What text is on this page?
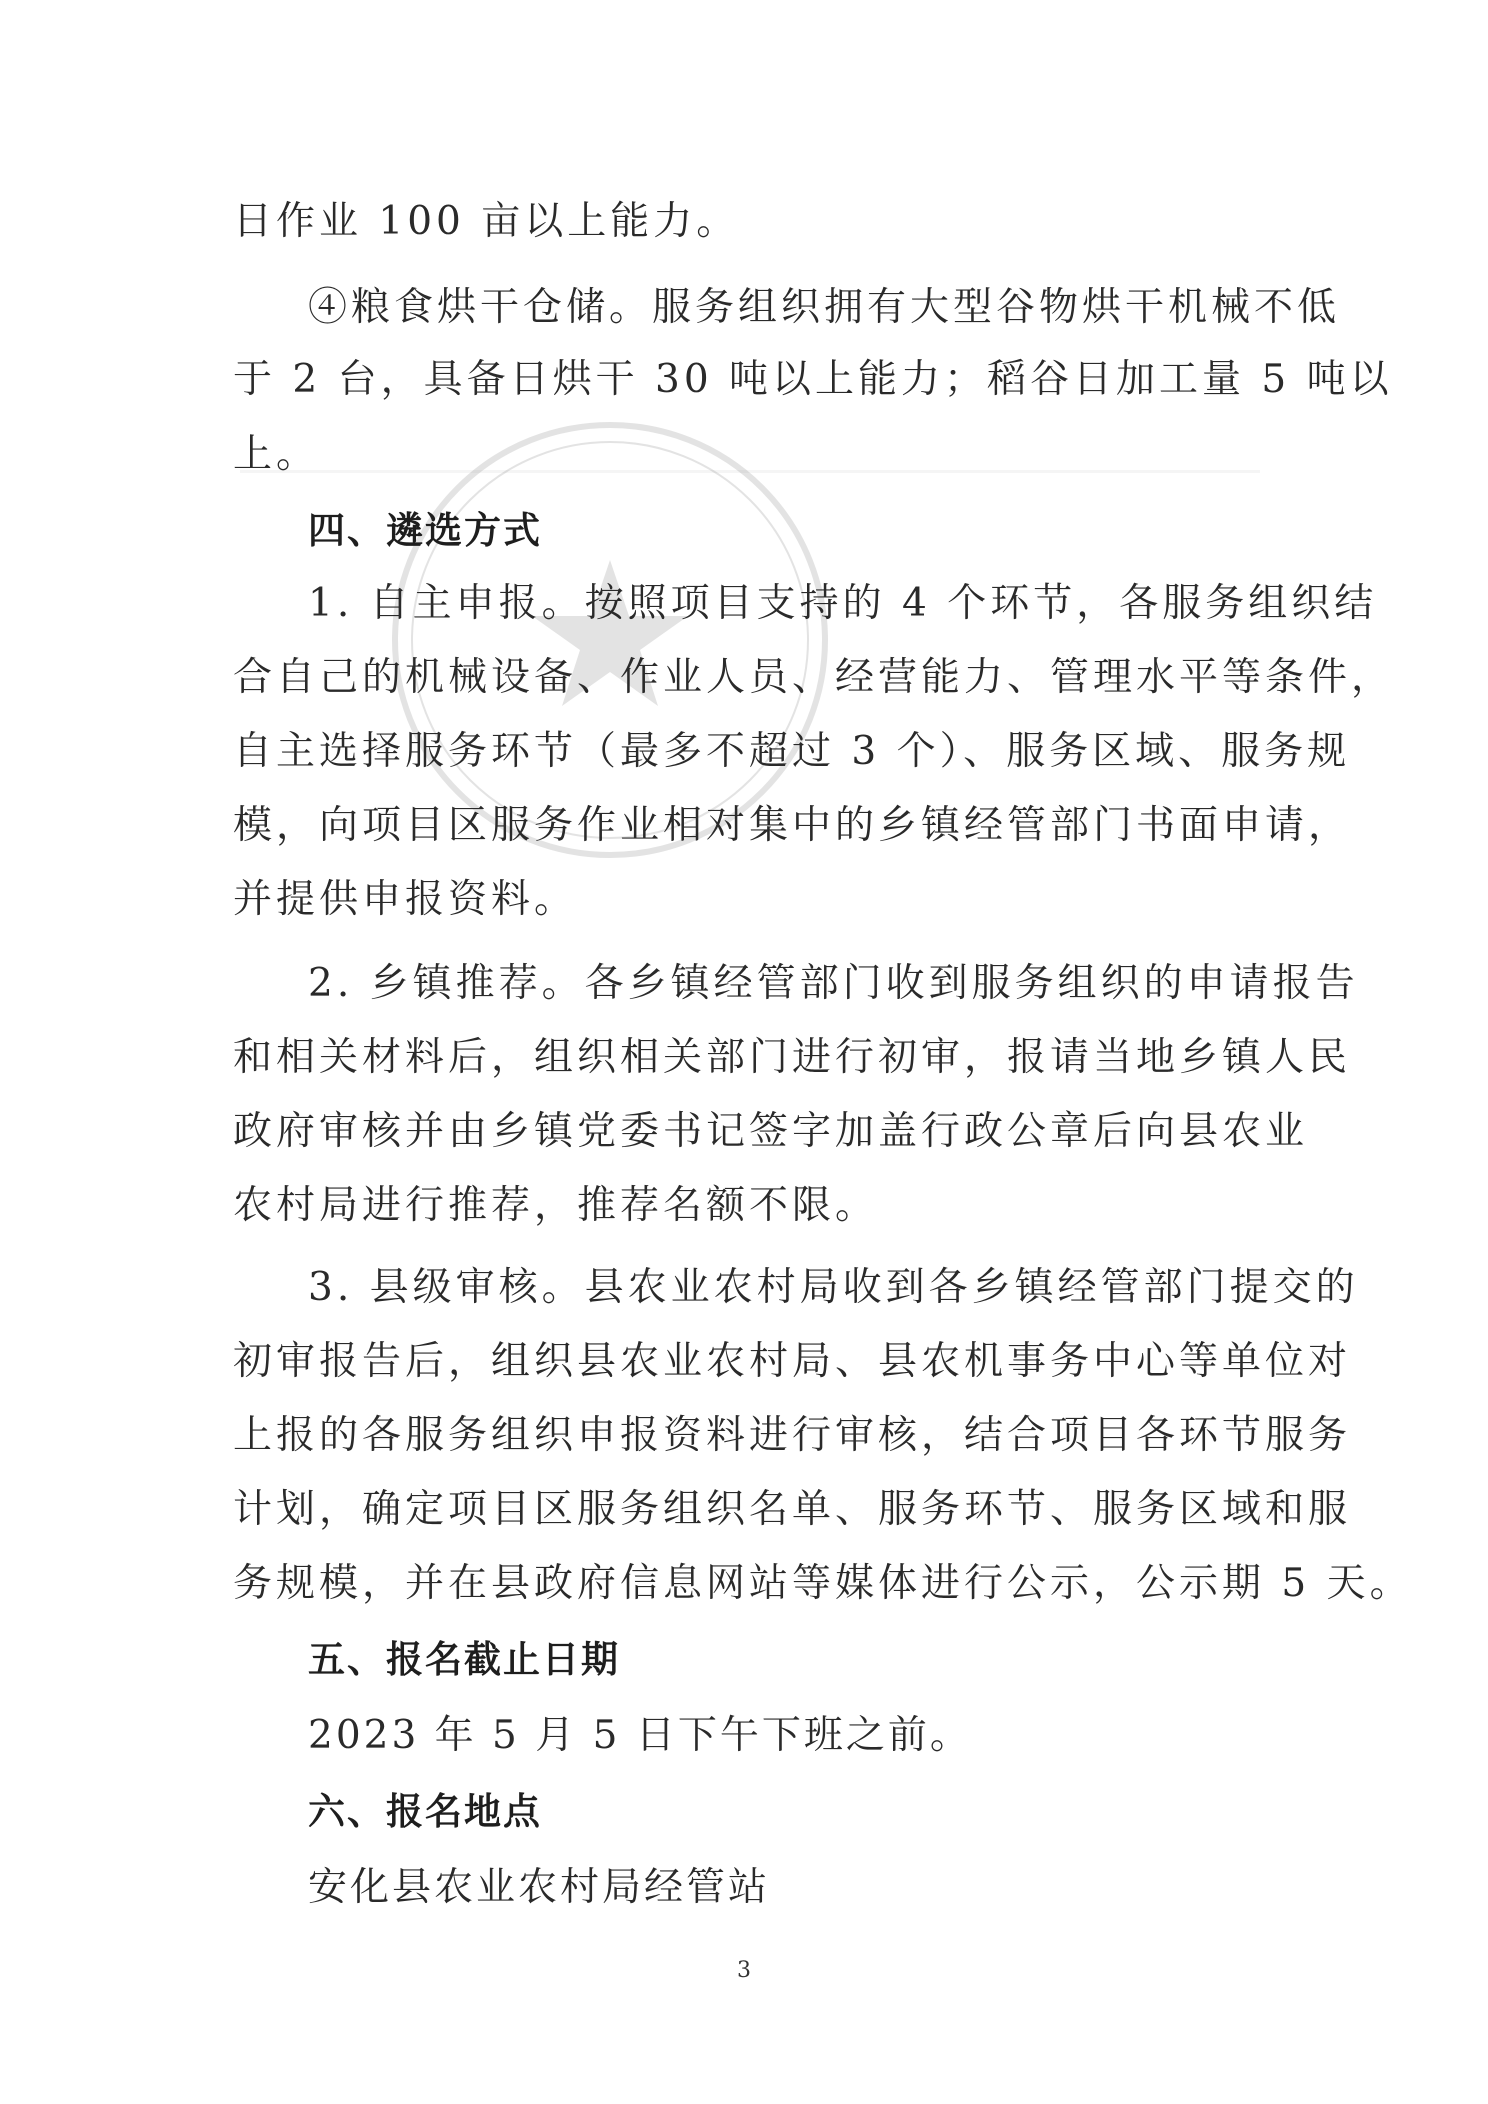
日作业 100 亩以上能力。
④粮食烘干仓储。服务组织拥有大型谷物烘干机械不低
于 2 台，具备日烘干 30 吨以上能力；稻谷日加工量 5 吨以
上。
四、遴选方式
1. 自主申报。按照项目支持的 4 个环节，各服务组织结
合自己的机械设备、作业人员、经营能力、管理水平等条件，
自主选择服务环节（最多不超过 3 个）、服务区域、服务规
模，向项目区服务作业相对集中的乡镇经管部门书面申请，
并提供申报资料。
2. 乡镇推荐。各乡镇经管部门收到服务组织的申请报告
和相关材料后，组织相关部门进行初审，报请当地乡镇人民
政府审核并由乡镇党委书记签字加盖行政公章后向县农业
农村局进行推荐，推荐名额不限。
3. 县级审核。县农业农村局收到各乡镇经管部门提交的
初审报告后，组织县农业农村局、县农机事务中心等单位对
上报的各服务组织申报资料进行审核，结合项目各环节服务
计划，确定项目区服务组织名单、服务环节、服务区域和服
务规模，并在县政府信息网站等媒体进行公示，公示期 5 天。
五、报名截止日期
2023 年 5 月 5 日下午下班之前。
六、报名地点
安化县农业农村局经管站
3
